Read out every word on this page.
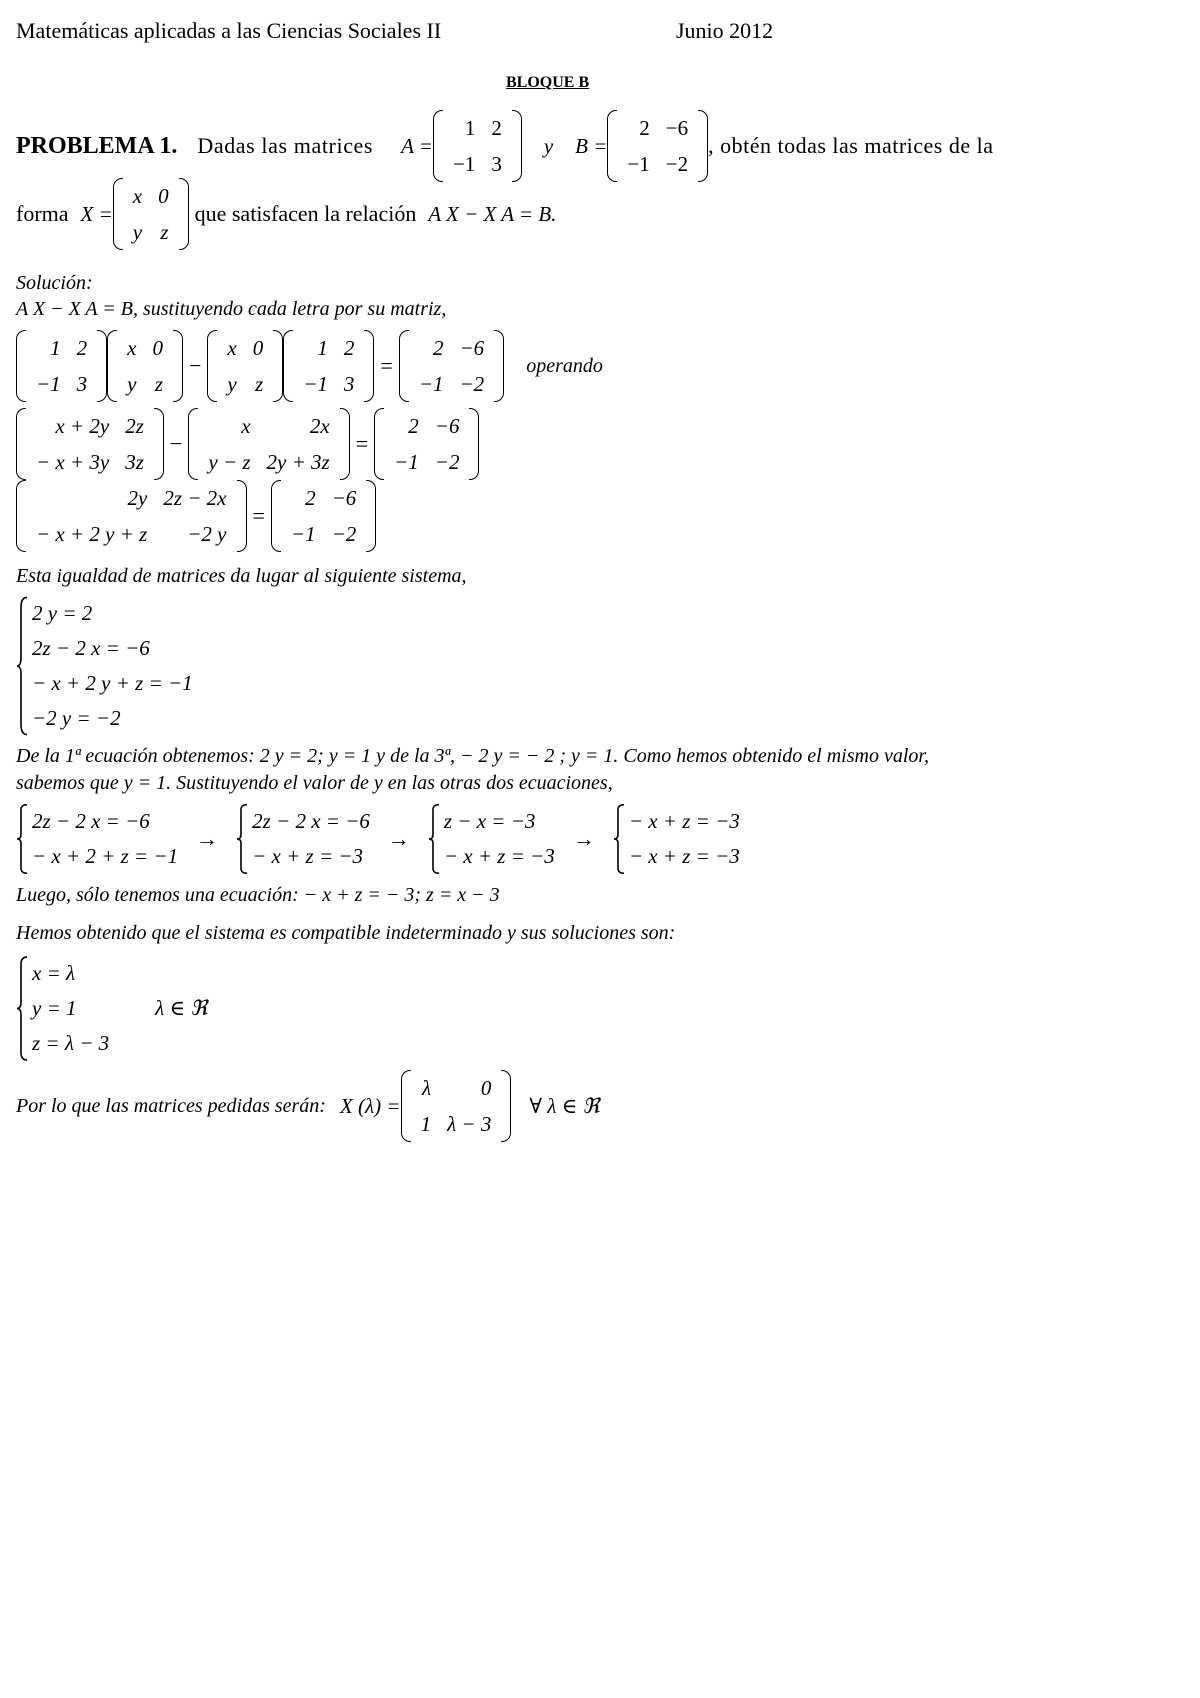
Matemáticas aplicadas a las Ciencias Sociales II	Junio 2012
BLOQUE B
PROBLEMA 1. Dadas las matrices A =
1	2
−1	3
y B =
2	−6
−1	−2
, obtén todas las matrices de la
forma X =
x	0
y	z
que satisfacen la relación A X − X A = B.
Solución:
A X − X A = B, sustituyendo cada letra por su matriz,
1	2
−1	3
x	0
y	z
−
x	0
y	z
1	2
−1	3
=
2	−6
−1	−2
operando
x + 2y	2z
− x + 3y	3z
−
x	2x
y − z	2y + 3z
=
2	−6
−1	−2
2y	2z − 2x
− x + 2 y + z	−2 y
=
2	−6
−1	−2
Esta igualdad de matrices da lugar al siguiente sistema,
2 y = 2
2z − 2 x = −6
− x + 2 y + z = −1
−2 y = −2
De la 1ª ecuación obtenemos: 2 y = 2; y = 1 y de la 3ª, − 2 y = − 2 ; y = 1. Como hemos obtenido el mismo valor,
sabemos que y = 1. Sustituyendo el valor de y en las otras dos ecuaciones,
2z − 2 x = −6
− x + 2 + z = −1
→
2z − 2 x = −6
− x + z = −3
→
z − x = −3
− x + z = −3
→
− x + z = −3
− x + z = −3
Luego, sólo tenemos una ecuación: − x + z = − 3; z = x − 3
Hemos obtenido que el sistema es compatible indeterminado y sus soluciones son:
x = λ
y = 1
z = λ − 3
λ ∈ ℜ
Por lo que las matrices pedidas serán: X (λ) =
λ	0
1	λ − 3
∀ λ ∈ ℜ
